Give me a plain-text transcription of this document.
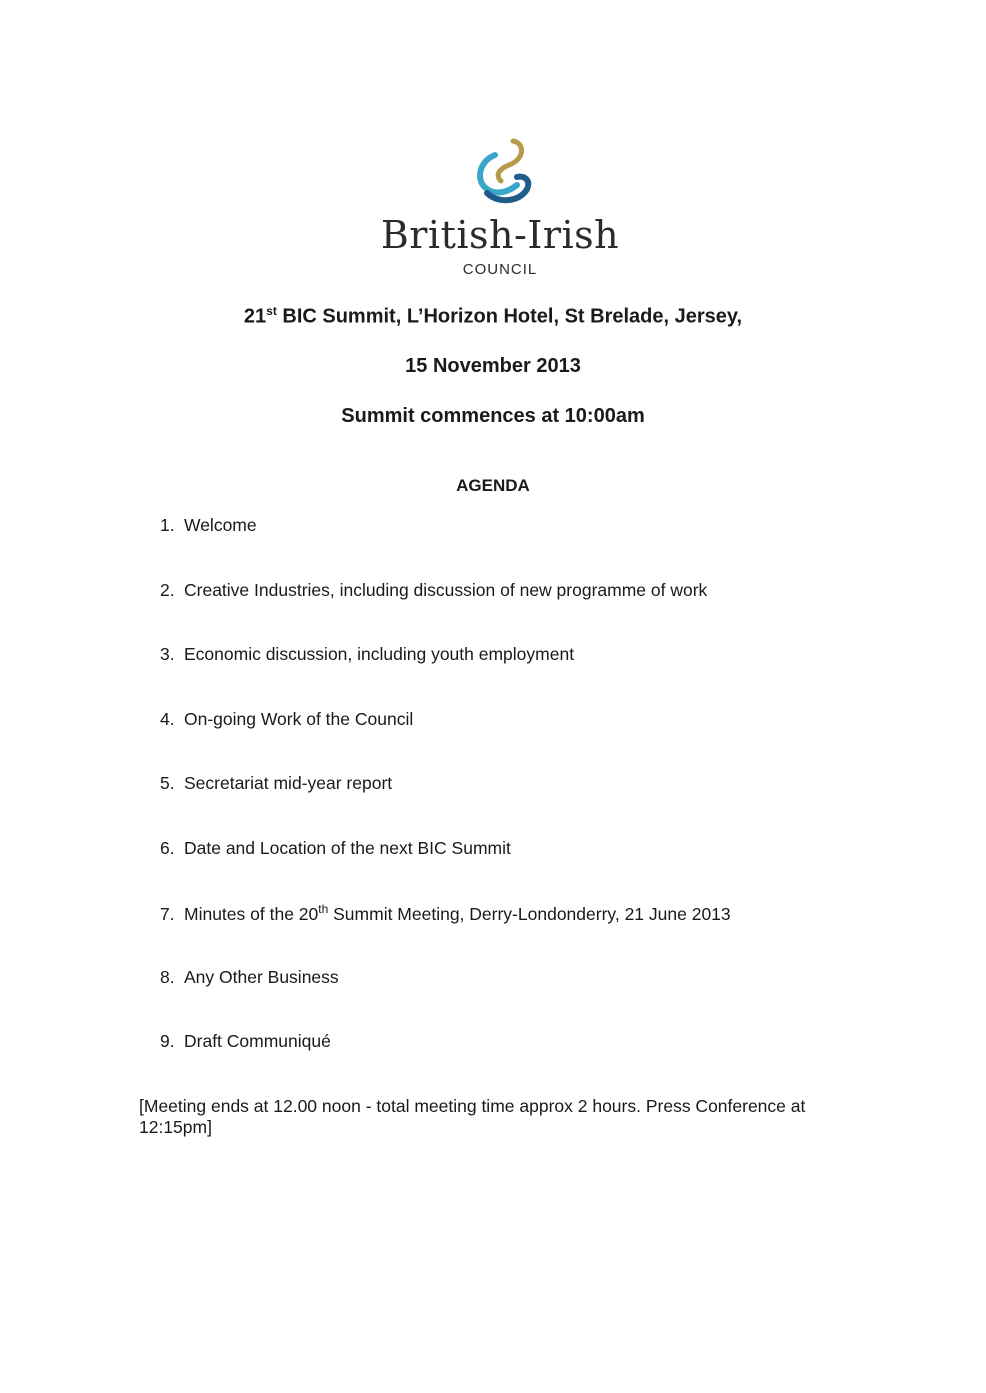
British-Irish
COUNCIL
21st BIC Summit, L’Horizon Hotel, St Brelade, Jersey,
15 November 2013
Summit commences at 10:00am
AGENDA
1. Welcome
2. Creative Industries, including discussion of new programme of work
3. Economic discussion, including youth employment
4. On-going Work of the Council
5. Secretariat mid-year report
6. Date and Location of the next BIC Summit
7. Minutes of the 20th Summit Meeting, Derry-Londonderry, 21 June 2013
8. Any Other Business
9. Draft Communiqué
[Meeting ends at 12.00 noon - total meeting time approx 2 hours. Press Conference at 12:15pm]
